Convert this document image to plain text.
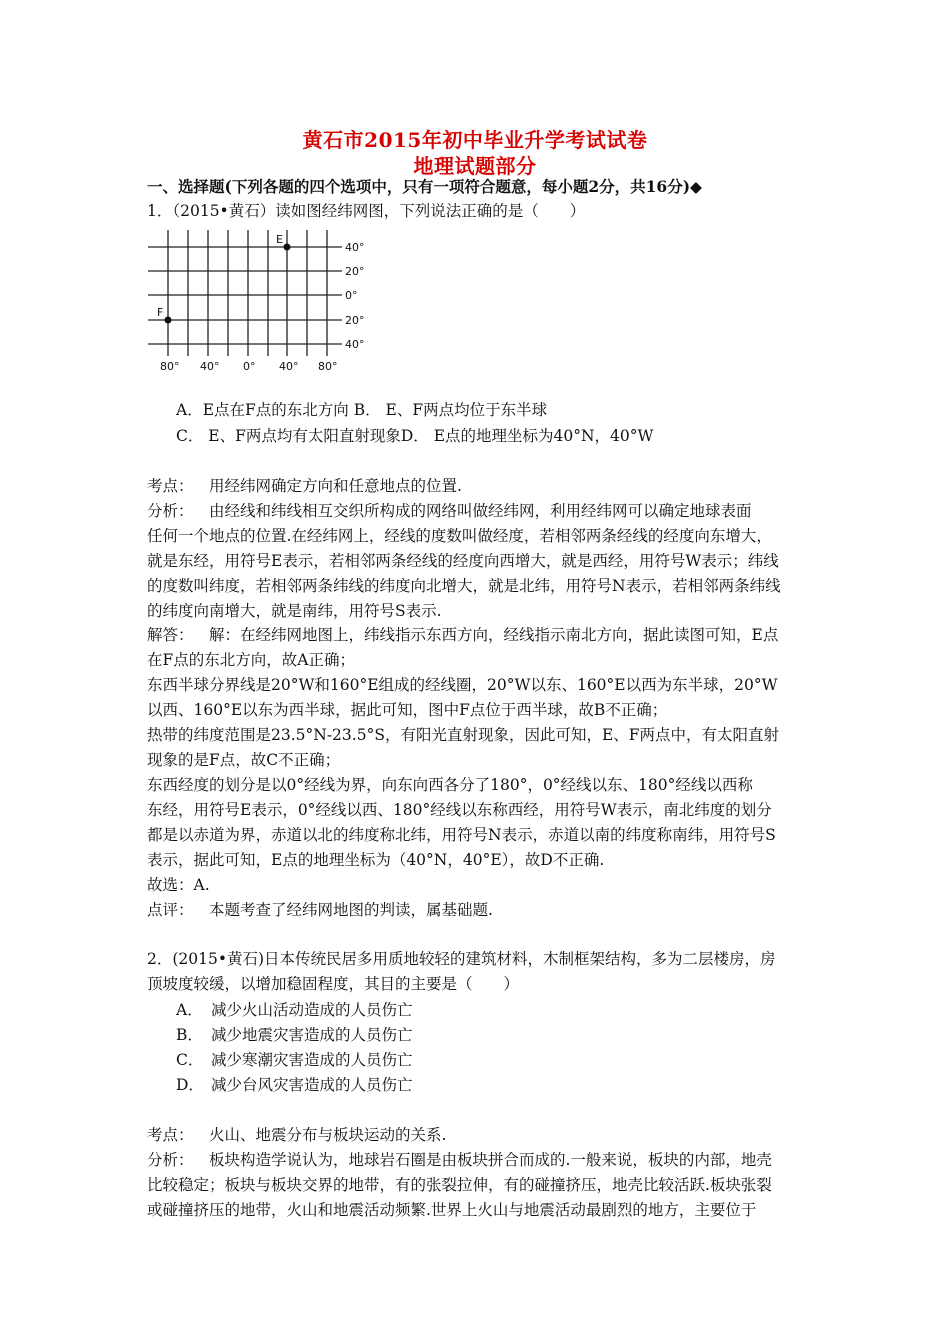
黄石市2015年初中毕业升学考试试卷
地理试题部分
一、选择题(下列各题的四个选项中，只有一项符合题意，每小题2分，共16分)◆
1．（2015•黄石）读如图经纬网图，下列说法正确的是（　　）
E
F
40°
20°
0°
20°
40°
80° 40° 0° 40° 80°
A．E点在F点的东北方向 B． E、F两点均位于东半球
C． E、F两点均有太阳直射现象D． E点的地理坐标为40°N，40°W
考点： 用经纬网确定方向和任意地点的位置.
分析： 由经线和纬线相互交织所构成的网络叫做经纬网，利用经纬网可以确定地球表面
任何一个地点的位置.在经纬网上，经线的度数叫做经度，若相邻两条经线的经度向东增大，
就是东经，用符号E表示，若相邻两条经线的经度向西增大，就是西经，用符号W表示；纬线
的度数叫纬度，若相邻两条纬线的纬度向北增大，就是北纬，用符号N表示，若相邻两条纬线
的纬度向南增大，就是南纬，用符号S表示.
解答： 解：在经纬网地图上，纬线指示东西方向，经线指示南北方向，据此读图可知，E点
在F点的东北方向，故A正确；
东西半球分界线是20°W和160°E组成的经线圈，20°W以东、160°E以西为东半球，20°W
以西、160°E以东为西半球，据此可知，图中F点位于西半球，故B不正确；
热带的纬度范围是23.5°N-23.5°S，有阳光直射现象，因此可知，E、F两点中，有太阳直射
现象的是F点，故C不正确；
东西经度的划分是以0°经线为界，向东向西各分了180°，0°经线以东、180°经线以西称
东经，用符号E表示，0°经线以西、180°经线以东称西经，用符号W表示，南北纬度的划分
都是以赤道为界，赤道以北的纬度称北纬，用符号N表示，赤道以南的纬度称南纬，用符号S
表示，据此可知，E点的地理坐标为（40°N，40°E），故D不正确.
故选：A.
点评： 本题考查了经纬网地图的判读，属基础题.
2．(2015•黄石)日本传统民居多用质地较轻的建筑材料，木制框架结构，多为二层楼房，房
顶坡度较缓，以增加稳固程度，其目的主要是（　　）
A． 减少火山活动造成的人员伤亡
B． 减少地震灾害造成的人员伤亡
C． 减少寒潮灾害造成的人员伤亡
D． 减少台风灾害造成的人员伤亡
考点： 火山、地震分布与板块运动的关系.
分析： 板块构造学说认为，地球岩石圈是由板块拼合而成的.一般来说，板块的内部，地壳
比较稳定；板块与板块交界的地带，有的张裂拉伸，有的碰撞挤压，地壳比较活跃.板块张裂
或碰撞挤压的地带，火山和地震活动频繁.世界上火山与地震活动最剧烈的地方，主要位于
